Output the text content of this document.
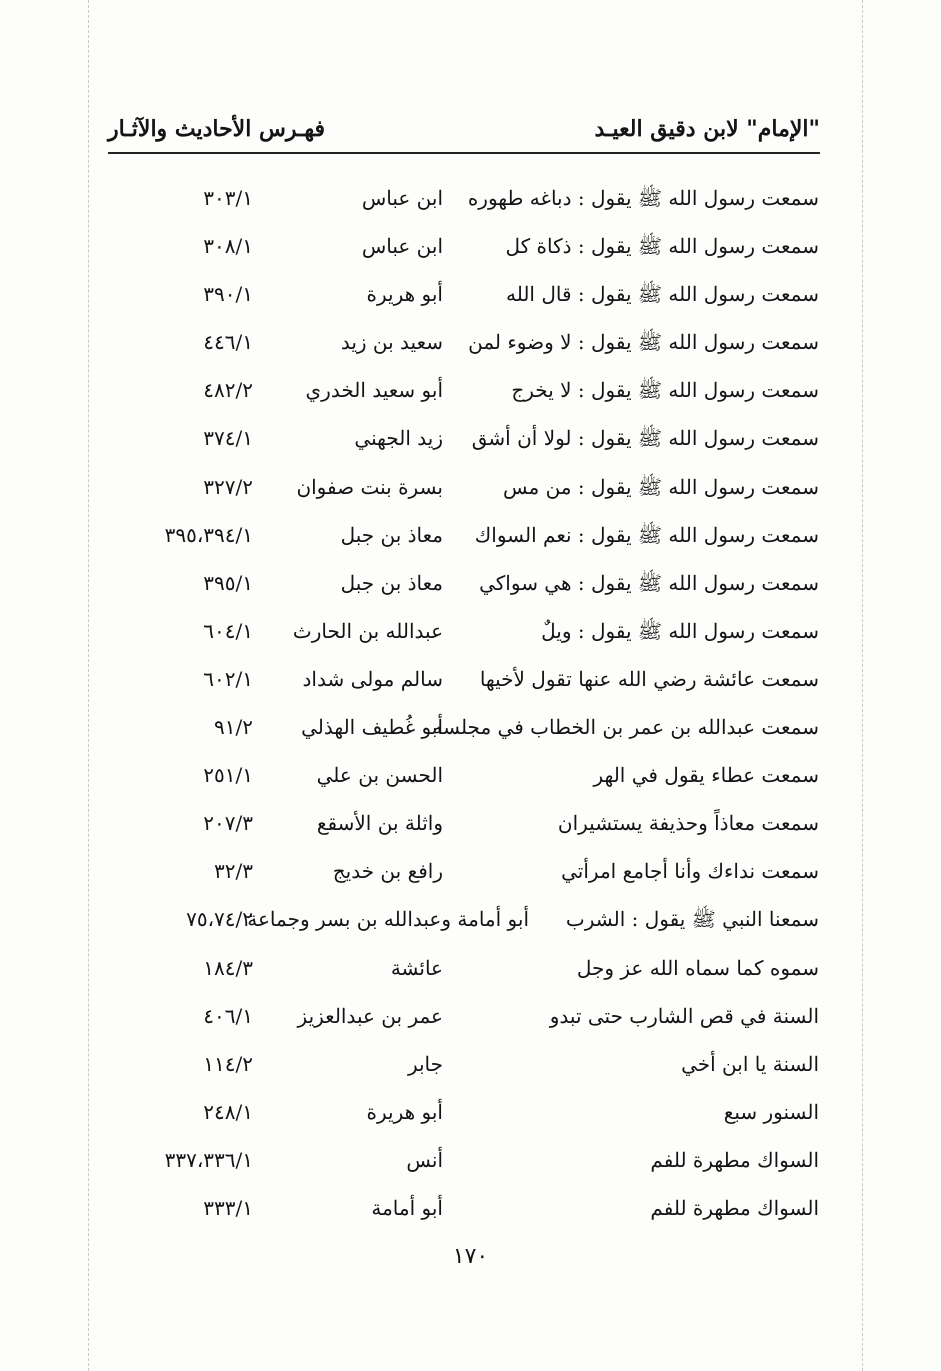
"الإمام" لابن دقيق العيـد
فهـرس الأحاديث والآثـار
سمعت رسول الله ﷺ يقول : دباغه طهوره
ابن عباس
٣٠٣/١
سمعت رسول الله ﷺ يقول : ذكاة كل
ابن عباس
٣٠٨/١
سمعت رسول الله ﷺ يقول : قال الله
أبو هريرة
٣٩٠/١
سمعت رسول الله ﷺ يقول : لا وضوء لمن
سعيد بن زيد
٤٤٦/١
سمعت رسول الله ﷺ يقول : لا يخرج
أبو سعيد الخدري
٤٨٢/٢
سمعت رسول الله ﷺ يقول : لولا أن أشق
زيد الجهني
٣٧٤/١
سمعت رسول الله ﷺ يقول : من مس
بسرة بنت صفوان
٣٢٧/٢
سمعت رسول الله ﷺ يقول : نعم السواك
معاذ بن جبل
٣٩٥،٣٩٤/١
سمعت رسول الله ﷺ يقول : هي سواكي
معاذ بن جبل
٣٩٥/١
سمعت رسول الله ﷺ يقول : ويلٌ
عبدالله بن الحارث
٦٠٤/١
سمعت عائشة رضي الله عنها تقول لأخيها
سالم مولى شداد
٦٠٢/١
سمعت عبدالله بن عمر بن الخطاب في مجلسه
أبو غُطيف الهذلي
٩١/٢
سمعت عطاء يقول في الهر
الحسن بن علي
٢٥١/١
سمعت معاذاً وحذيفة يستشيران
واثلة بن الأسقع
٢٠٧/٣
سمعت نداءك وأنا أجامع امرأتي
رافع بن خديج
٣٢/٣
سمعنا النبي ﷺ يقول : الشرب
أبو أمامة وعبدالله بن بسر وجماعة
٧٥،٧٤/٢
سموه كما سماه الله عز وجل
عائشة
١٨٤/٣
السنة في قص الشارب حتى تبدو
عمر بن عبدالعزيز
٤٠٦/١
السنة يا ابن أخي
جابر
١١٤/٢
السنور سبع
أبو هريرة
٢٤٨/١
السواك مطهرة للفم
أنس
٣٣٧،٣٣٦/١
السواك مطهرة للفم
أبو أمامة
٣٣٣/١
١٧٠
